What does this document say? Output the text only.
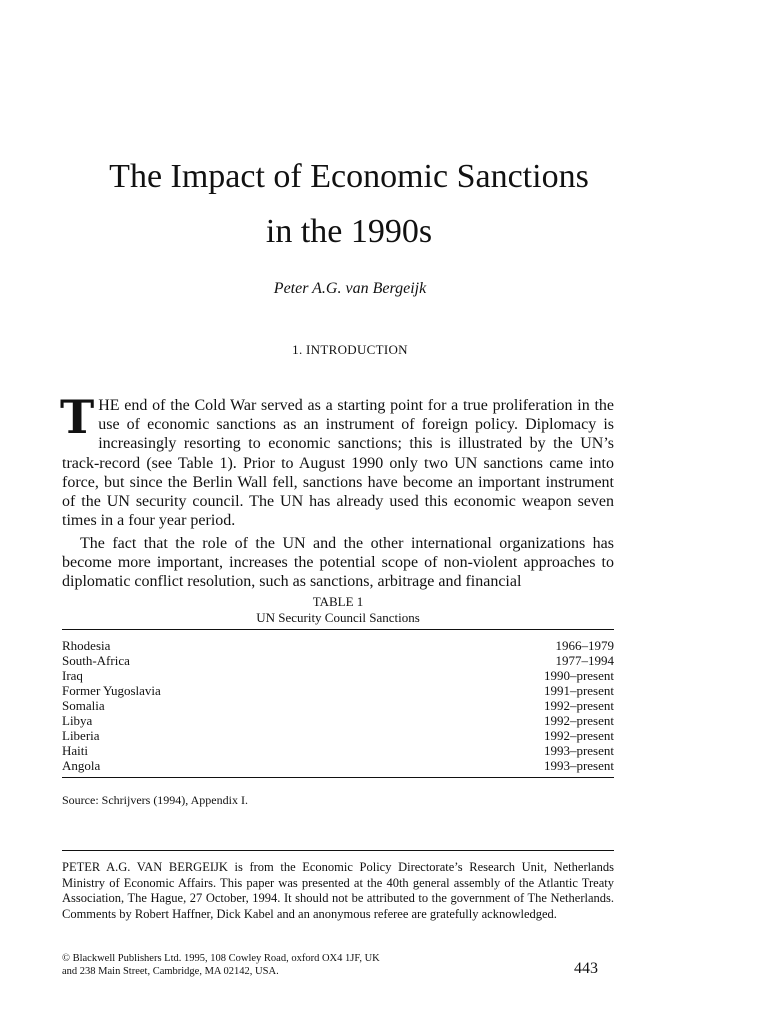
The Impact of Economic Sanctions
in the 1990s
Peter A.G. van Bergeijk
1. INTRODUCTION

THE end of the Cold War served as a starting point for a true proliferation in the use of economic sanctions as an instrument of foreign policy. Diplomacy is increasingly resorting to economic sanctions; this is illustrated by the UN’s track-record (see Table 1). Prior to August 1990 only two UN sanctions came into force, but since the Berlin Wall fell, sanctions have become an important instrument of the UN security council. The UN has already used this economic weapon seven times in a four year period.

The fact that the role of the UN and the other international organizations has become more important, increases the potential scope of non-violent approaches to diplomatic conflict resolution, such as sanctions, arbitrage and financial

TABLE 1
UN Security Council Sanctions
Rhodesia	1966–1979
South-Africa	1977–1994
Iraq	1990–present
Former Yugoslavia	1991–present
Somalia	1992–present
Libya	1992–present
Liberia	1992–present
Haiti	1993–present
Angola	1993–present
Source: Schrijvers (1994), Appendix I.
PETER A.G. VAN BERGEIJK is from the Economic Policy Directorate’s Research Unit, Netherlands Ministry of Economic Affairs. This paper was presented at the 40th general assembly of the Atlantic Treaty Association, The Hague, 27 October, 1994. It should not be attributed to the government of The Netherlands. Comments by Robert Haffner, Dick Kabel and an anonymous referee are gratefully acknowledged.
© Blackwell Publishers Ltd. 1995, 108 Cowley Road, oxford OX4 1JF, UK
and 238 Main Street, Cambridge, MA 02142, USA.	443
